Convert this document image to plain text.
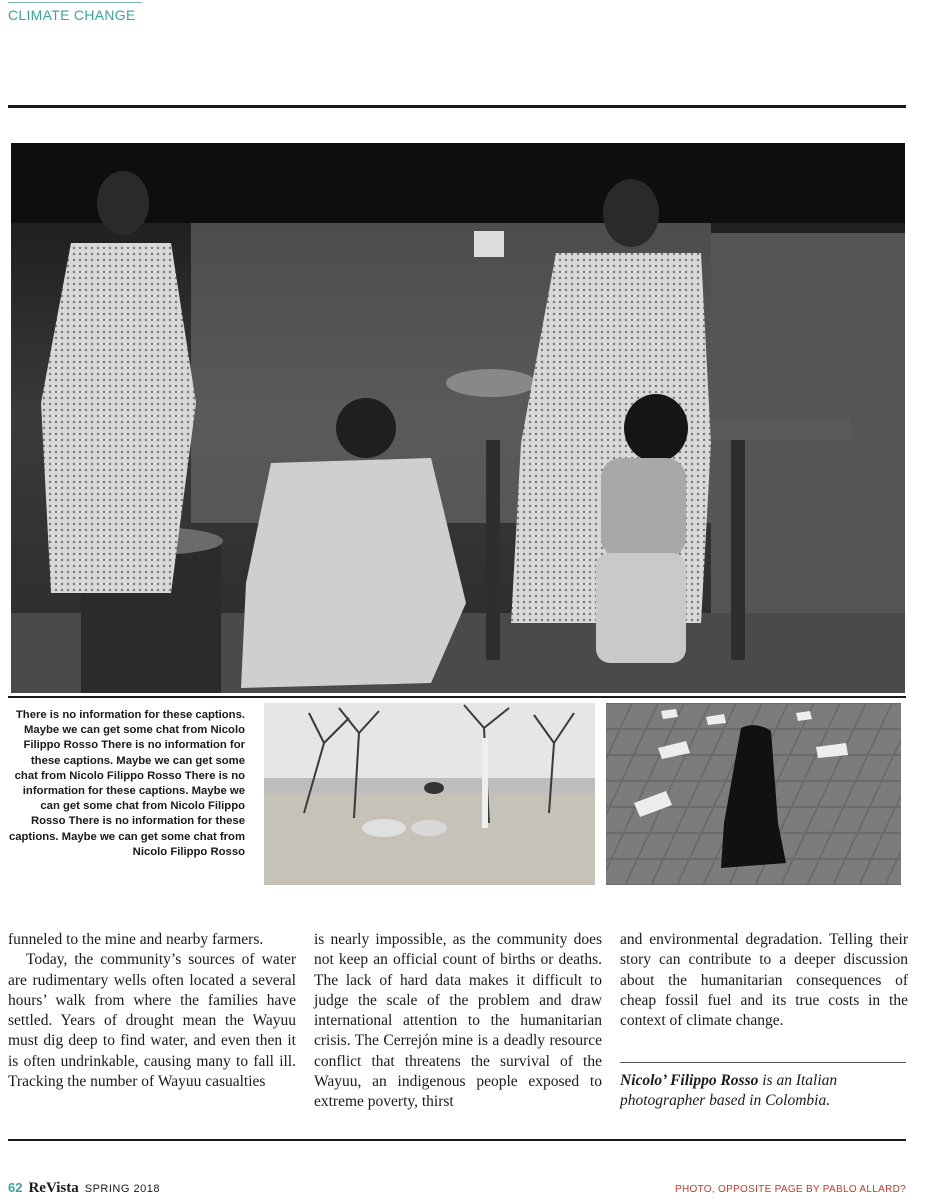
CLIMATE CHANGE
There is no information for these captions. Maybe we can get some chat from Nicolo Filippo Rosso There is no information for these captions. Maybe we can get some chat from Nicolo Filippo Rosso There is no information for these captions. Maybe we can get some chat from Nicolo Filippo Rosso There is no information for these captions. Maybe we can get some chat from Nicolo Filippo Rosso

funneled to the mine and nearby farmers.

Today, the community’s sources of water are rudimentary wells often located a several hours’ walk from where the families have settled. Years of drought mean the Wayuu must dig deep to find water, and even then it is often undrinkable, causing many to fall ill. Tracking the number of Wayuu casualties

is nearly impossible, as the community does not keep an official count of births or deaths. The lack of hard data makes it difficult to judge the scale of the problem and draw international attention to the humanitarian crisis. The Cerrejón mine is a deadly resource conflict that threatens the survival of the Wayuu, an indigenous people exposed to extreme poverty, thirst

and environmental degradation. Telling their story can contribute to a deeper discussion about the humanitarian consequences of cheap fossil fuel and its true costs in the context of climate change.

Nicolo’ Filippo Rosso is an Italian photographer based in Colombia.
62 ReVista SPRING 2018	PHOTO, OPPOSITE PAGE BY PABLO ALLARD?
